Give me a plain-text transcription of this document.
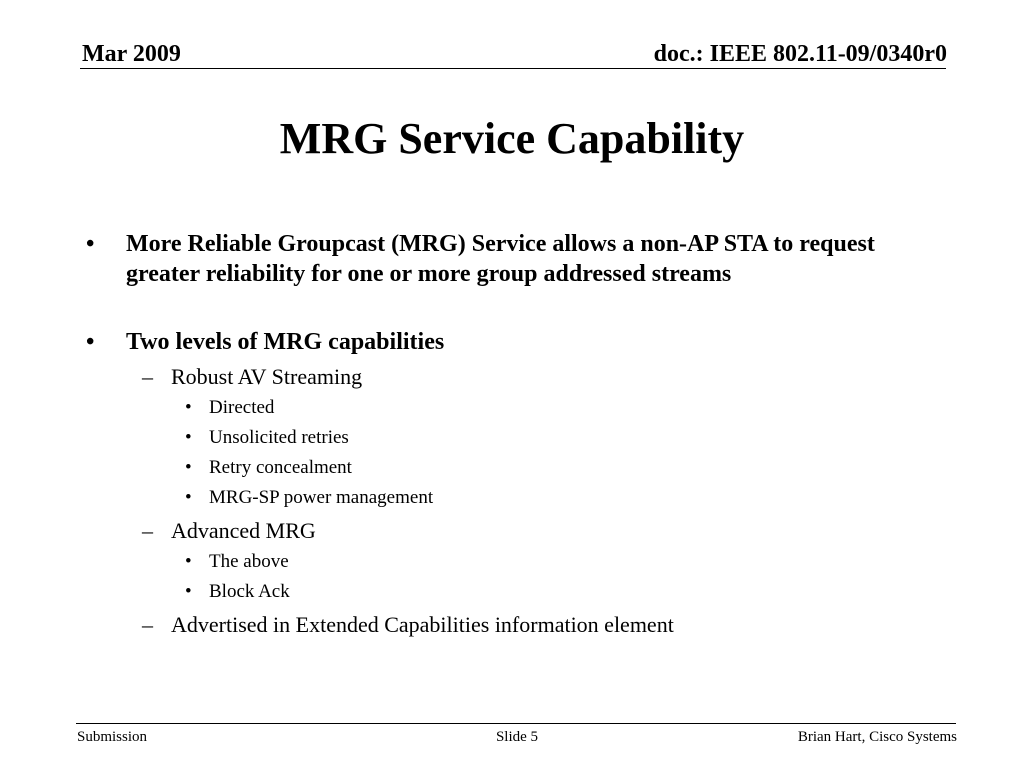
Mar 2009	doc.: IEEE 802.11-09/0340r0
MRG Service Capability
• More Reliable Groupcast (MRG) Service allows a non-AP STA to request greater reliability for one or more group addressed streams
• Two levels of MRG capabilities
– Robust AV Streaming
• Directed
• Unsolicited retries
• Retry concealment
• MRG-SP power management
– Advanced MRG
• The above
• Block Ack
– Advertised in Extended Capabilities information element
Submission	Slide 5	Brian Hart, Cisco Systems
